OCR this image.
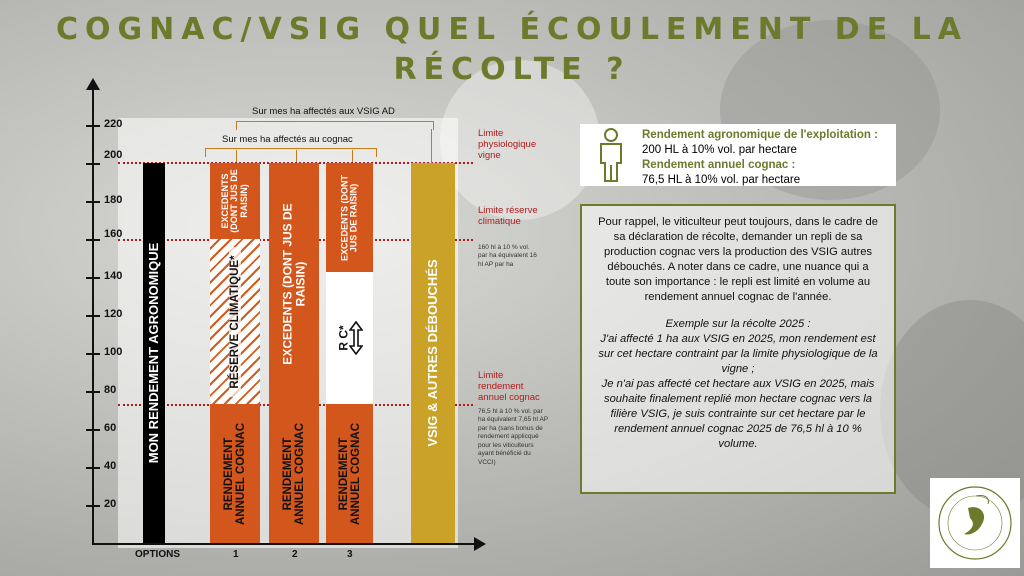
COGNAC/VSIG QUEL ÉCOULEMENT DE LA
RÉCOLTE ?
220
200
180
160
140
120
100
80
60
40
20
Sur mes ha affectés aux VSIG AD
Sur mes ha affectés au cognac
MON RENDEMENT AGRONOMIQUE
EXCEDENTS (DONT JUS DE RAISIN)
RÉSERVE CLIMATIQUE*
RENDEMENT ANNUEL COGNAC
EXCEDENTS (DONT JUS DE RAISIN)
RENDEMENT ANNUEL COGNAC
EXCEDENTS (DONT JUS DE RAISIN)
R C*
RENDEMENT ANNUEL COGNAC
VSIG & AUTRES DÉBOUCHÉS
OPTIONS	1	2	3
Limite physiologique vigne
Limite réserve climatique
160 hl à 10 % vol. par ha équivalent 16 hl AP par ha
Limite rendement annuel cognac
76,5 hl à 10 % vol. par ha équivalent 7,65 hl AP par ha (sans bonus de rendement applicqué pour les viticulteurs ayant bénéficié du VCCI)
Rendement agronomique de l'exploitation :
200 HL à 10% vol. par hectare
Rendement annuel cognac :
76,5 HL à 10% vol. par hectare

Pour rappel, le viticulteur peut toujours, dans le cadre de sa déclaration de récolte, demander un repli de sa production cognac vers la production des VSIG autres débouchés. A noter dans ce cadre, une nuance qui a toute son importance : le repli est limité en volume au rendement annuel cognac de l'année.

Exemple sur la récolte 2025 :
J'ai affecté 1 ha aux VSIG en 2025, mon rendement est sur cet hectare contraint par la limite physiologique de la vigne ;
Je n'ai pas affecté cet hectare aux VSIG en 2025, mais souhaite finalement replié mon hectare cognac vers la filière VSIG, je suis contrainte sur cet hectare par le rendement annuel cognac 2025 de 76,5 hl à 10 % volume.
